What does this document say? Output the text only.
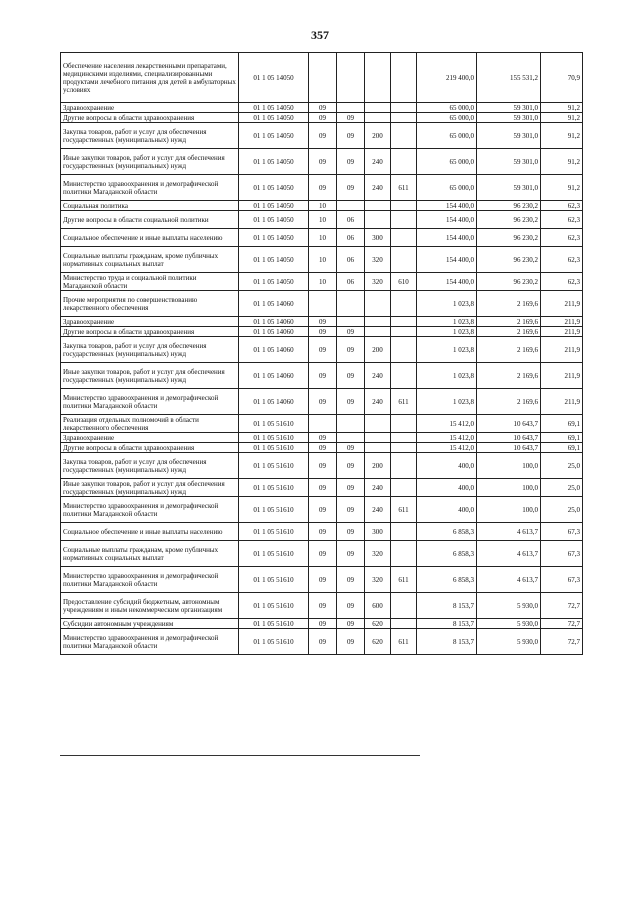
357
Обеспечение населения лекарственными препаратами, медицинскими изделиями, специализированными продуктами лечебного питания для детей в амбулаторных условиях	01 1 05 14050					219 400,0	155 531,2	70,9
Здравоохранение	01 1 05 14050	09				65 000,0	59 301,0	91,2
Другие вопросы в области здравоохранения	01 1 05 14050	09	09			65 000,0	59 301,0	91,2
Закупка товаров, работ и услуг для обеспечения государственных (муниципальных) нужд	01 1 05 14050	09	09	200		65 000,0	59 301,0	91,2
Иные закупки товаров, работ и услуг для обеспечения государственных (муниципальных) нужд	01 1 05 14050	09	09	240		65 000,0	59 301,0	91,2
Министерство здравоохранения и демографической политики Магаданской области	01 1 05 14050	09	09	240	611	65 000,0	59 301,0	91,2
Социальная политика	01 1 05 14050	10				154 400,0	96 230,2	62,3
Другие вопросы в области социальной политики	01 1 05 14050	10	06			154 400,0	96 230,2	62,3
Социальное обеспечение и иные выплаты населению	01 1 05 14050	10	06	300		154 400,0	96 230,2	62,3
Социальные выплаты гражданам, кроме публичных нормативных социальных выплат	01 1 05 14050	10	06	320		154 400,0	96 230,2	62,3
Министерство труда и социальной политики Магаданской области	01 1 05 14050	10	06	320	610	154 400,0	96 230,2	62,3
Прочие мероприятия по совершенствованию лекарственного обеспечения	01 1 05 14060					1 023,8	2 169,6	211,9
Здравоохранение	01 1 05 14060	09				1 023,8	2 169,6	211,9
Другие вопросы в области здравоохранения	01 1 05 14060	09	09			1 023,8	2 169,6	211,9
Закупка товаров, работ и услуг для обеспечения государственных (муниципальных) нужд	01 1 05 14060	09	09	200		1 023,8	2 169,6	211,9
Иные закупки товаров, работ и услуг для обеспечения государственных (муниципальных) нужд	01 1 05 14060	09	09	240		1 023,8	2 169,6	211,9
Министерство здравоохранения и демографической политики Магаданской области	01 1 05 14060	09	09	240	611	1 023,8	2 169,6	211,9
Реализация отдельных полномочий в области лекарственного обеспечения	01 1 05 51610					15 412,0	10 643,7	69,1
Здравоохранение	01 1 05 51610	09				15 412,0	10 643,7	69,1
Другие вопросы в области здравоохранения	01 1 05 51610	09	09			15 412,0	10 643,7	69,1
Закупка товаров, работ и услуг для обеспечения государственных (муниципальных) нужд	01 1 05 51610	09	09	200		400,0	100,0	25,0
Иные закупки товаров, работ и услуг для обеспечения государственных (муниципальных) нужд	01 1 05 51610	09	09	240		400,0	100,0	25,0
Министерство здравоохранения и демографической политики Магаданской области	01 1 05 51610	09	09	240	611	400,0	100,0	25,0
Социальное обеспечение и иные выплаты населению	01 1 05 51610	09	09	300		6 858,3	4 613,7	67,3
Социальные выплаты гражданам, кроме публичных нормативных социальных выплат	01 1 05 51610	09	09	320		6 858,3	4 613,7	67,3
Министерство здравоохранения и демографической политики Магаданской области	01 1 05 51610	09	09	320	611	6 858,3	4 613,7	67,3
Предоставление субсидий бюджетным, автономным учреждениям и иным некоммерческим организациям	01 1 05 51610	09	09	600		8 153,7	5 930,0	72,7
Субсидии автономным учреждениям	01 1 05 51610	09	09	620		8 153,7	5 930,0	72,7
Министерство здравоохранения и демографической политики Магаданской области	01 1 05 51610	09	09	620	611	8 153,7	5 930,0	72,7
